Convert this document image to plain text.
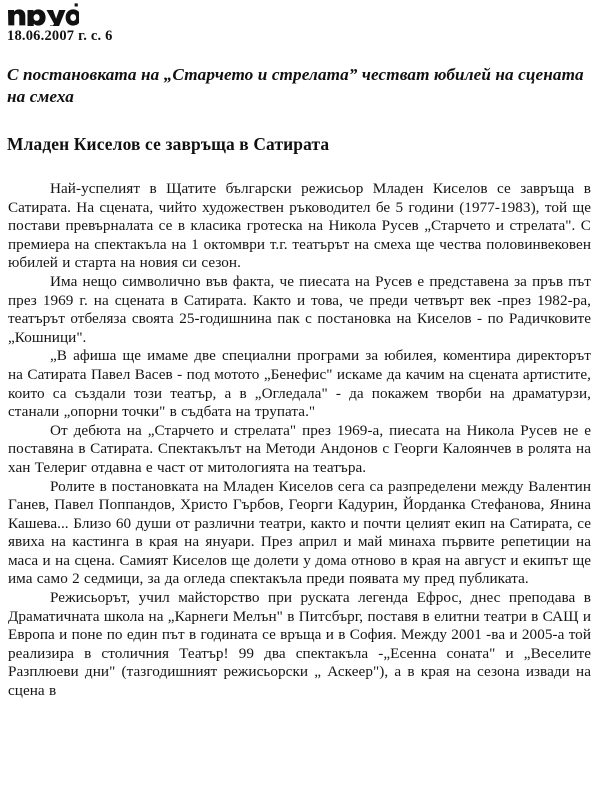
18.06.2007 г. с. 6
С постановката на „Старчето и стрелата” честват юбилей на сцената на смеха
Младен Киселов се завръща в Сатирата

Най-успелият в Щатите български режисьор Младен Киселов се завръща в Сатирата. На сцената, чийто художествен ръководител бе 5 години (1977-1983), той ще постави превърналата се в класика гротеска на Никола Русев „Старчето и стрелата". С премиера на спектакъла на 1 октомври т.г. театърът на смеха ще чества половинвековен юбилей и старта на новия си сезон.

Има нещо символично във факта, че пиесата на Русев е представена за пръв път през 1969 г. на сцената в Сатирата. Както и това, че преди четвърт век -през 1982-ра, театърът отбеляза своята 25-годишнина пак с постановка на Киселов - по Радичковите „Кошници".

„В афиша ще имаме две специални програми за юбилея, коментира директорът на Сатирата Павел Васев - под мотото „Бенефис" искаме да качим на сцената артистите, които са създали този театър, а в „Огледала" - да покажем творби на драматурзи, станали „опорни точки" в съдбата на трупата."

От дебюта на „Старчето и стрелата" през 1969-а, пиесата на Никола Русев не е поставяна в Сатирата. Спектакълът на Методи Андонов с Георги Калоянчев в ролята на хан Телериг отдавна е част от митологията на театъра.

Ролите в постановката на Младен Киселов сега са разпределени между Валентин Ганев, Павел Поппандов, Христо Гърбов, Георги Кадурин, Йорданка Стефанова, Янина Кашева... Близо 60 души от различни театри, както и почти целият екип на Сатирата, се явиха на кастинга в края на януари. През април и май минаха първите репетиции на маса и на сцена. Самият Киселов ще долети у дома отново в края на август и екипът ще има само 2 седмици, за да огледа спектакъла преди появата му пред публиката.

Режисьорът, учил майсторство при руската легенда Ефрос, днес преподава в Драматичната школа на „Карнеги Мелън" в Питсбърг, поставя в елитни театри в САЩ и Европа и поне по един път в годината се връща и в София. Между 2001 -ва и 2005-а той реализира в столичния Театър! 99 два спектакъла -„Есенна соната" и „Веселите Разплюеви дни" (тазгодишният режисьорски „ Аскеер"), а в края на сезона извади на сцена в
